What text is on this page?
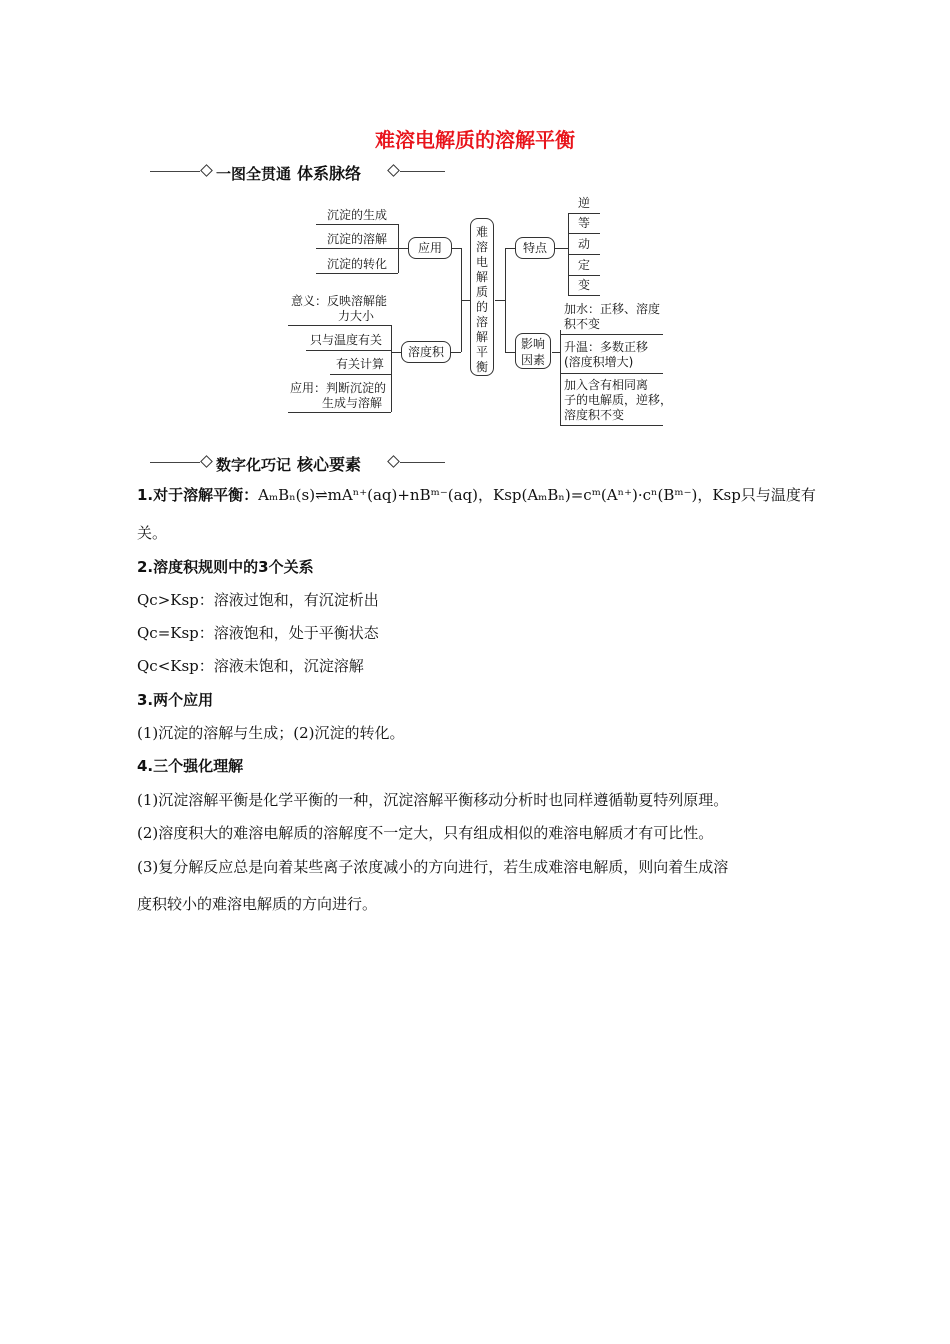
难溶电解质的溶解平衡
一图全贯通 体系脉络
沉淀的生成
沉淀的溶解
沉淀的转化
应用
意义：反映溶解能
力大小
只与温度有关
有关计算
应用：判断沉淀的
生成与溶解
溶度积
难溶电解质的溶解平衡
特点
逆
等
动
定
变
影响因素
加水：正移、溶度
积不变
升温：多数正移
(溶度积增大)
加入含有相同离
子的电解质，逆移，
溶度积不变
数字化巧记 核心要素
1.对于溶解平衡：AₘBₙ(s)⇌mAⁿ⁺(aq)+nBᵐ⁻(aq)，Ksp(AₘBₙ)=cᵐ(Aⁿ⁺)·cⁿ(Bᵐ⁻)，Ksp只与温度有
关。
2.溶度积规则中的3个关系
Qc>Ksp：溶液过饱和，有沉淀析出
Qc=Ksp：溶液饱和，处于平衡状态
Qc<Ksp：溶液未饱和，沉淀溶解
3.两个应用
(1)沉淀的溶解与生成；(2)沉淀的转化。
4.三个强化理解
(1)沉淀溶解平衡是化学平衡的一种，沉淀溶解平衡移动分析时也同样遵循勒夏特列原理。
(2)溶度积大的难溶电解质的溶解度不一定大，只有组成相似的难溶电解质才有可比性。
(3)复分解反应总是向着某些离子浓度减小的方向进行，若生成难溶电解质，则向着生成溶
度积较小的难溶电解质的方向进行。
